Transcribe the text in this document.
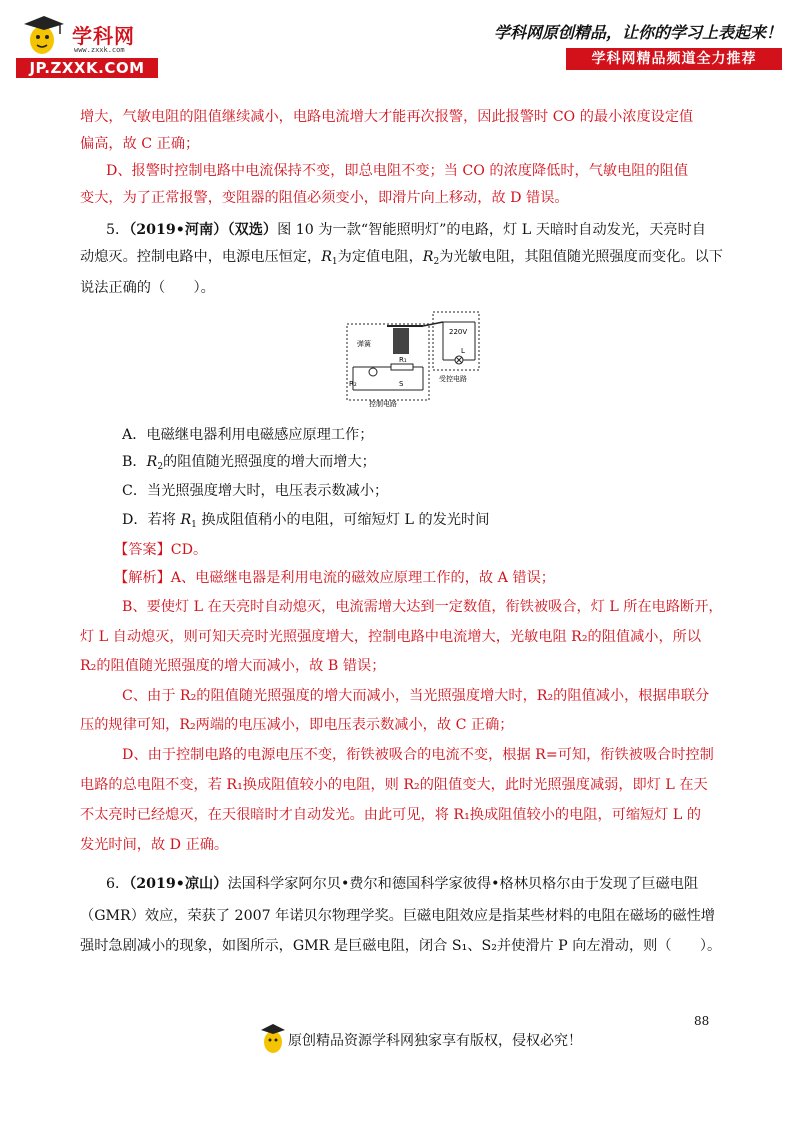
学科网
www.zxxk.com
JP.ZXXK.COM
学科网原创精品，让你的学习上表起来！
学科网精品频道全力推荐
增大，气敏电阻的阻值继续减小，电路电流增大才能再次报警，因此报警时 CO 的最小浓度设定值
偏高，故 C 正确；
D、报警时控制电路中电流保持不变，即总电阻不变；当 CO 的浓度降低时，气敏电阻的阻值
变大，为了正常报警，变阻器的阻值必须变小，即滑片向上移动，故 D 错误。
5．（2019•河南）（双选）图 10 为一款“智能照明灯”的电路，灯 L 天暗时自动发光，天亮时自
动熄灭。控制电路中，电源电压恒定，$R_1$为定值电阻，$R_2$为光敏电阻，其阻值随光照强度而变化。以下
说法正确的（　　）。
220V
L
受控电路
弹簧
R₁
R₂	S
控制电路
A．电磁继电器利用电磁感应原理工作；
B．$R_2$的阻值随光照强度的增大而增大；
C．当光照强度增大时，电压表示数减小；
D．若将 $R_1$ 换成阻值稍小的电阻，可缩短灯 L 的发光时间
【答案】CD。
【解析】A、电磁继电器是利用电流的磁效应原理工作的，故 A 错误；
B、要使灯 L 在天亮时自动熄灭，电流需增大达到一定数值，衔铁被吸合，灯 L 所在电路断开，
灯 L 自动熄灭，则可知天亮时光照强度增大，控制电路中电流增大，光敏电阻 R₂的阻值减小，所以
R₂的阻值随光照强度的增大而减小，故 B 错误；
C、由于 R₂的阻值随光照强度的增大而减小，当光照强度增大时，R₂的阻值减小，根据串联分
压的规律可知，R₂两端的电压减小，即电压表示数减小，故 C 正确；
D、由于控制电路的电源电压不变，衔铁被吸合的电流不变，根据 R=可知，衔铁被吸合时控制
电路的总电阻不变，若 R₁换成阻值较小的电阻，则 R₂的阻值变大，此时光照强度减弱，即灯 L 在天
不太亮时已经熄灭，在天很暗时才自动发光。由此可见，将 R₁换成阻值较小的电阻，可缩短灯 L 的
发光时间，故 D 正确。
6．（2019•凉山）法国科学家阿尔贝•费尔和德国科学家彼得•格林贝格尔由于发现了巨磁电阻
（GMR）效应，荣获了 2007 年诺贝尔物理学奖。巨磁电阻效应是指某些材料的电阻在磁场的磁性增
强时急剧减小的现象，如图所示，GMR 是巨磁电阻，闭合 S₁、S₂并使滑片 P 向左滑动，则（　　）。
原创精品资源学科网独家享有版权，侵权必究！
88
